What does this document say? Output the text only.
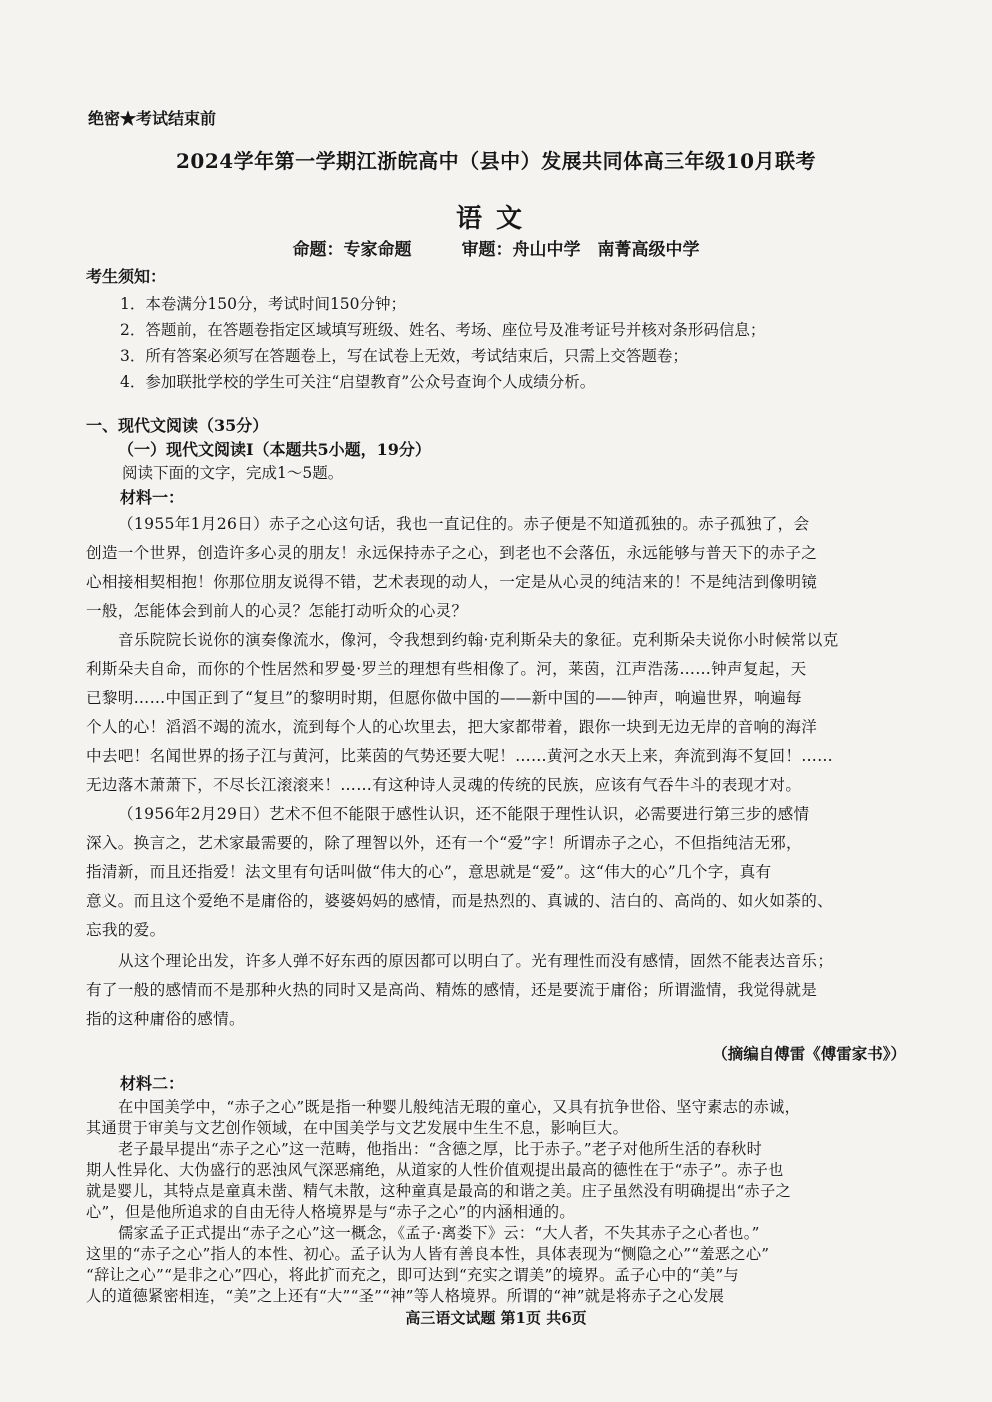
绝密★考试结束前
2024学年第一学期江浙皖高中（县中）发展共同体高三年级10月联考
语文
命题：专家命题	审题：舟山中学　南菁高级中学
考生须知：
1．本卷满分150分，考试时间150分钟；
2．答题前，在答题卷指定区域填写班级、姓名、考场、座位号及准考证号并核对条形码信息；
3．所有答案必须写在答题卷上，写在试卷上无效，考试结束后，只需上交答题卷；
4．参加联批学校的学生可关注“启望教育”公众号查询个人成绩分析。
一、现代文阅读（35分）
（一）现代文阅读Ⅰ（本题共5小题，19分）
阅读下面的文字，完成1～5题。
材料一：
（1955年1月26日）赤子之心这句话，我也一直记住的。赤子便是不知道孤独的。赤子孤独了，会
创造一个世界，创造许多心灵的朋友！永远保持赤子之心，到老也不会落伍，永远能够与普天下的赤子之
心相接相契相抱！你那位朋友说得不错，艺术表现的动人，一定是从心灵的纯洁来的！不是纯洁到像明镜
一般，怎能体会到前人的心灵？怎能打动听众的心灵？
音乐院院长说你的演奏像流水，像河，令我想到约翰·克利斯朵夫的象征。克利斯朵夫说你小时候常以克
利斯朵夫自命，而你的个性居然和罗曼·罗兰的理想有些相像了。河，莱茵，江声浩荡……钟声复起，天
已黎明……中国正到了“复旦”的黎明时期，但愿你做中国的——新中国的——钟声，响遍世界，响遍每
个人的心！滔滔不竭的流水，流到每个人的心坎里去，把大家都带着，跟你一块到无边无岸的音响的海洋
中去吧！名闻世界的扬子江与黄河，比莱茵的气势还要大呢！……黄河之水天上来，奔流到海不复回！……
无边落木萧萧下，不尽长江滚滚来！……有这种诗人灵魂的传统的民族，应该有气吞牛斗的表现才对。
（1956年2月29日）艺术不但不能限于感性认识，还不能限于理性认识，必需要进行第三步的感情
深入。换言之，艺术家最需要的，除了理智以外，还有一个“爱”字！所谓赤子之心，不但指纯洁无邪，
指清新，而且还指爱！法文里有句话叫做“伟大的心”，意思就是“爱”。这“伟大的心”几个字，真有
意义。而且这个爱绝不是庸俗的，婆婆妈妈的感情，而是热烈的、真诚的、洁白的、高尚的、如火如荼的、
忘我的爱。
从这个理论出发，许多人弹不好东西的原因都可以明白了。光有理性而没有感情，固然不能表达音乐；
有了一般的感情而不是那种火热的同时又是高尚、精炼的感情，还是要流于庸俗；所谓滥情，我觉得就是
指的这种庸俗的感情。
（摘编自傅雷《傅雷家书》）
材料二：
在中国美学中，“赤子之心”既是指一种婴儿般纯洁无瑕的童心，又具有抗争世俗、坚守素志的赤诚，
其通贯于审美与文艺创作领域，在中国美学与文艺发展中生生不息，影响巨大。
老子最早提出“赤子之心”这一范畴，他指出：“含德之厚，比于赤子。”老子对他所生活的春秋时
期人性异化、大伪盛行的恶浊风气深恶痛绝，从道家的人性价值观提出最高的德性在于“赤子”。赤子也
就是婴儿，其特点是童真未凿、精气未散，这种童真是最高的和谐之美。庄子虽然没有明确提出“赤子之
心”，但是他所追求的自由无待人格境界是与“赤子之心”的内涵相通的。
儒家孟子正式提出“赤子之心”这一概念，《孟子·离娄下》云：“大人者，不失其赤子之心者也。”
这里的“赤子之心”指人的本性、初心。孟子认为人皆有善良本性，具体表现为“恻隐之心”“羞恶之心”
高三语文试题 第1页 共6页
“辞让之心”“是非之心”四心，将此扩而充之，即可达到“充实之谓美”的境界。孟子心中的“美”与
人的道德紧密相连，“美”之上还有“大”“圣”“神”等人格境界。所谓的“神”就是将赤子之心发展
